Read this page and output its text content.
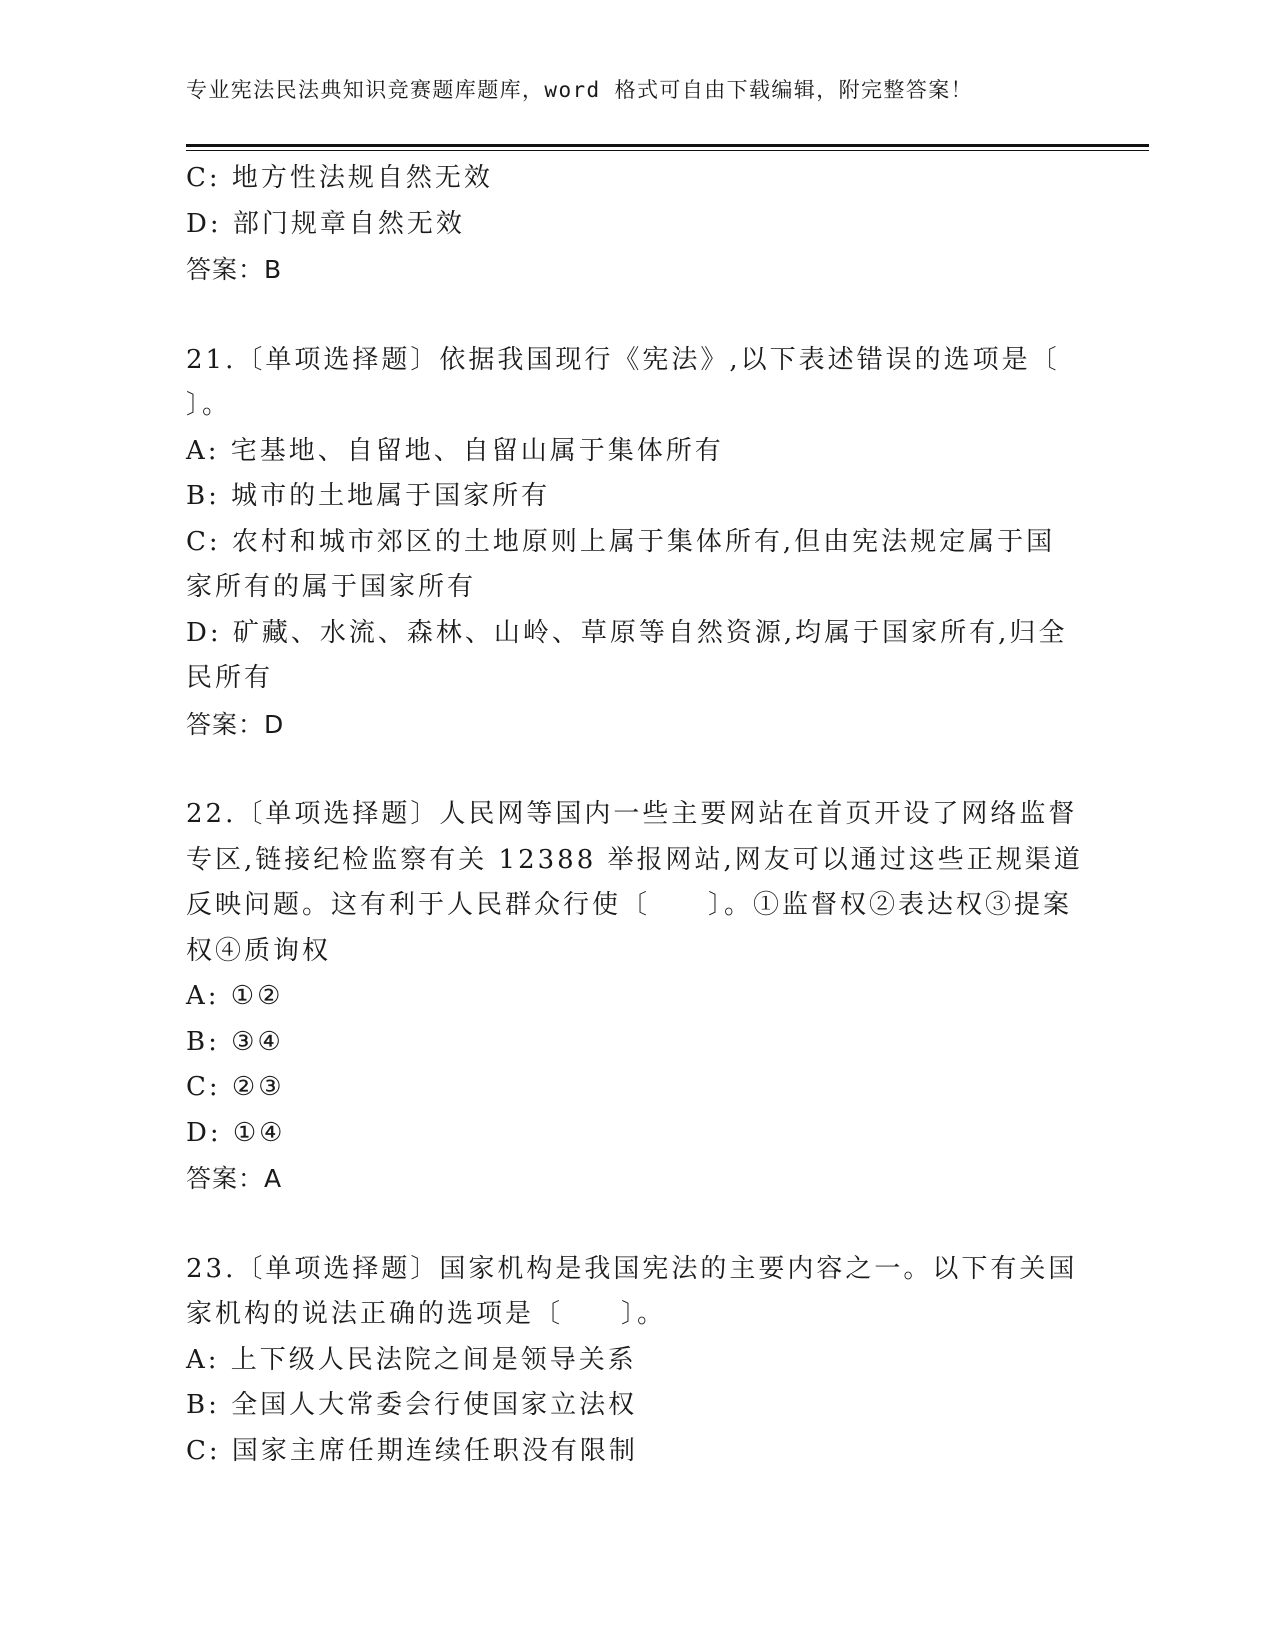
专业宪法民法典知识竞赛题库题库，word 格式可自由下载编辑，附完整答案！
C: 地方性法规自然无效
D: 部门规章自然无效
答案：B
21.〔单项选择题〕依据我国现行《宪法》,以下表述错误的选项是〔
〕。
A: 宅基地、自留地、自留山属于集体所有
B: 城市的土地属于国家所有
C: 农村和城市郊区的土地原则上属于集体所有,但由宪法规定属于国
家所有的属于国家所有
D: 矿藏、水流、森林、山岭、草原等自然资源,均属于国家所有,归全
民所有
答案：D
22.〔单项选择题〕人民网等国内一些主要网站在首页开设了网络监督
专区,链接纪检监察有关 12388 举报网站,网友可以通过这些正规渠道
反映问题。这有利于人民群众行使〔　　〕。①监督权②表达权③提案
权④质询权
A: ①②
B: ③④
C: ②③
D: ①④
答案：A
23.〔单项选择题〕国家机构是我国宪法的主要内容之一。以下有关国
家机构的说法正确的选项是〔　　〕。
A: 上下级人民法院之间是领导关系
B: 全国人大常委会行使国家立法权
C: 国家主席任期连续任职没有限制
